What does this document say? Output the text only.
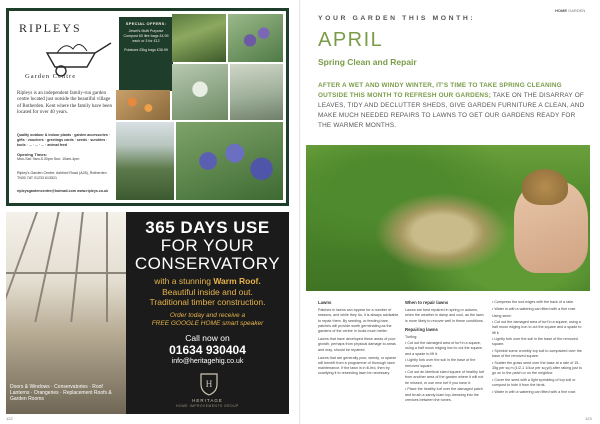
RIPLEYS
Garden Centre
Ripleys is an independent family-run garden centre located just outside the beautiful village of Rotherden. Kent where the family have been located for over 40 years.
Quality outdoor & indoor plants · garden accessories · gifts · vouchers · greetings cards · seeds · sundries · tools · ... · ... · ... · animal feed
Opening Times:
Mon-Sat: 9am-5.30pm Sun: 10am-4pm
Ripley's Garden Centre, Ashford Road (A28), Rotherden TN30 7AT 01233 613521
ripleysgardencentre@hotmail.com www.ripleys.co.uk
SPECIAL OFFERS:
Jewel's Multi Purpose Compost 60 litre bags £4.99 each or 3 for £12
Potatoes 25kg bags £36.99
Doors & Windows · Conservatories · Roof Lanterns · Orangeries · Replacement Roofs & Garden Rooms
365 DAYS USE
FOR YOUR
CONSERVATORY
with a stunning Warm Roof.
Beautiful inside and out.
Traditional timber construction.
Order today and receive a
FREE GOOGLE HOME smart speaker
Call now on
01634 930404
info@heritagehig.co.uk
H
HERITAGE
HOME IMPROVEMENTS GROUP
122
HOME GARDEN
YOUR GARDEN THIS MONTH:
APRIL
Spring Clean and Repair
AFTER A WET AND WINDY WINTER, IT'S TIME TO TAKE SPRING CLEANING OUTSIDE THIS MONTH TO REFRESH OUR GARDENS; TAKE ON THE DISARRAY OF LEAVES, TIDY AND DECLUTTER SHEDS, GIVE GARDEN FURNITURE A CLEAN, AND MAKE MUCH NEEDED REPAIRS TO LAWNS TO GET OUR GARDENS READY FOR THE WARMER MONTHS.
Lawns

Patches in lawns can appear for a number of reasons, and while they do, it is always advisable to repair them. By seeding, or feeding bare patches will provide worth germinating as the gardens of the centre in looks much better.

Lawns that have developed these areas of poor growth, perhaps from physical damage to areas and may, should be repaired.

Lawns that are generally poor, weedy, or sparse will benefit from a programme of thorough lawn maintenance. If the lawn is in ill-fed, then try scarifying it to reseeding lawn be necessary.

When to repair lawns

Lawns are best repaired in spring or autumn, when the weather is damp and cool, as the lawn is more likely to recover well in these conditions.

Repairing lawns

Turfing:

• Cut out the damaged area of turf in a square, using a half moon edging iron to cut the square, and a spade to lift it.
• Lightly fork over the soil in the base of the removed square.
• Cut out an identical sized square of healthy turf from another area of the garden where it will not be missed, or use new turf if you have it.
• Place the healthy turf over the damaged patch and brush a sandy loam top-dressing into the crevices between the turves.
• Compress the sod edges with the back of a rake.
• Water in with a watering can fitted with a fine rose.

Using seed:

• Cut out the damaged area of turf in a square, using a half moon edging iron to cut the square and a spade to lift it.
• Lightly fork over the soil in the base of the removed square.
• Sprinkle some crumbly top soil to compacted over the base of the removed square.
• Scatter the grass seed over the base at a rate of 15-35g per sq m (1/2-1 1/4oz per sq yd) after raking just to go on to the patch or on the neighbor.
• Cover the seed with a light sprinkling of top soil or compost to hide it from the birds.
• Water in with a watering can fitted with a fine rose.
123
